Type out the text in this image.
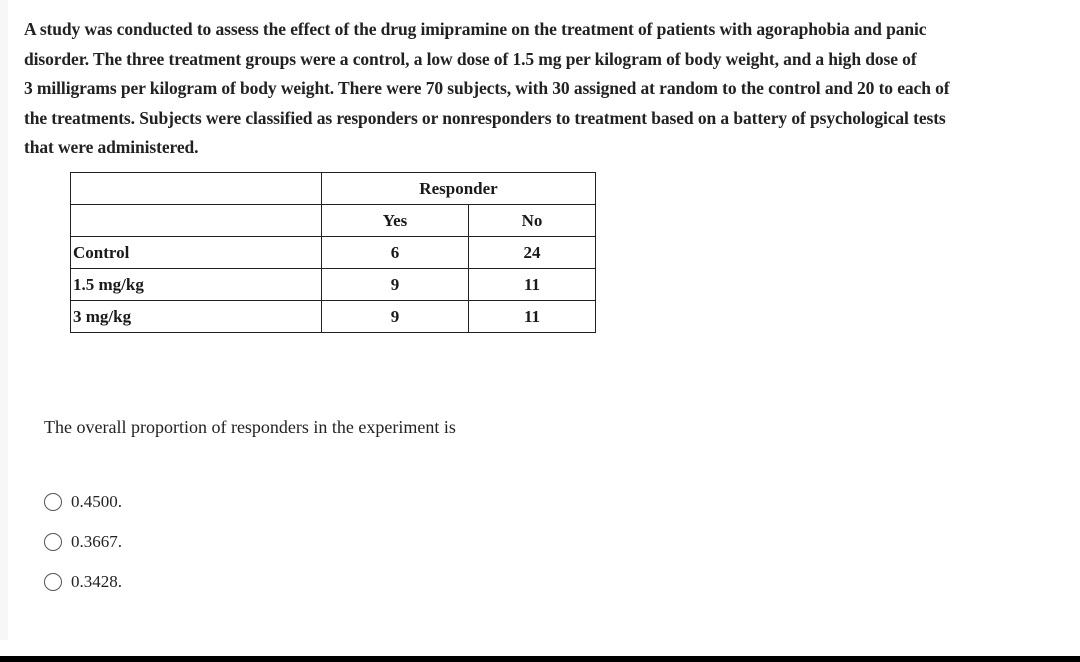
A study was conducted to assess the effect of the drug imipramine on the treatment of patients with agoraphobia and panic
disorder. The three treatment groups were a control, a low dose of 1.5 mg per kilogram of body weight, and a high dose of
3 milligrams per kilogram of body weight. There were 70 subjects, with 30 assigned at random to the control and 20 to each of
the treatments. Subjects were classified as responders or nonresponders to treatment based on a battery of psychological tests
that were administered.
	Responder	
	Yes	No
Control	6	24
1.5 mg/kg	9	11
3 mg/kg	9	11
The overall proportion of responders in the experiment is
0.4500.
0.3667.
0.3428.
